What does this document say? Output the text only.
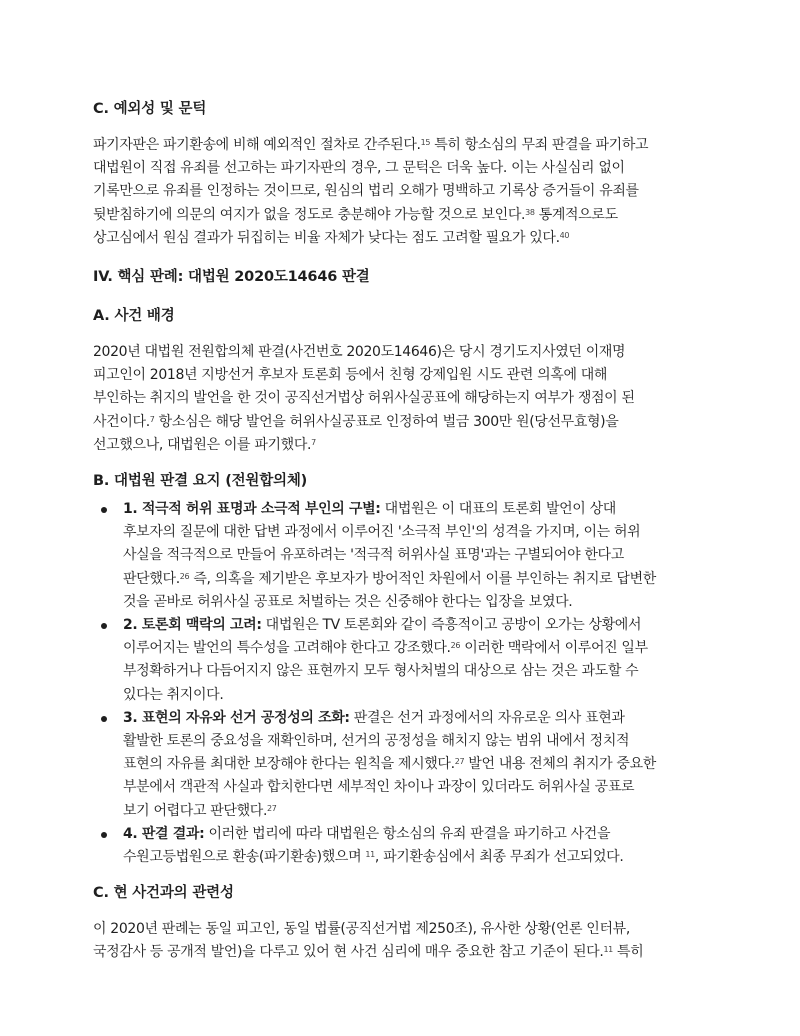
C. 예외성 및 문턱

파기자판은 파기환송에 비해 예외적인 절차로 간주된다.$^{15}$ 특히 항소심의 무죄 판결을 파기하고
대법원이 직접 유죄를 선고하는 파기자판의 경우, 그 문턱은 더욱 높다. 이는 사실심리 없이
기록만으로 유죄를 인정하는 것이므로, 원심의 법리 오해가 명백하고 기록상 증거들이 유죄를
뒷받침하기에 의문의 여지가 없을 정도로 충분해야 가능할 것으로 보인다.$^{38}$ 통계적으로도
상고심에서 원심 결과가 뒤집히는 비율 자체가 낮다는 점도 고려할 필요가 있다.$^{40}$

IV. 핵심 판례: 대법원 2020도14646 판결
A. 사건 배경

2020년 대법원 전원합의체 판결(사건번호 2020도14646)은 당시 경기도지사였던 이재명
피고인이 2018년 지방선거 후보자 토론회 등에서 친형 강제입원 시도 관련 의혹에 대해
부인하는 취지의 발언을 한 것이 공직선거법상 허위사실공표에 해당하는지 여부가 쟁점이 된
사건이다.$^7$ 항소심은 해당 발언을 허위사실공표로 인정하여 벌금 300만 원(당선무효형)을
선고했으나, 대법원은 이를 파기했다.$^7$

B. 대법원 판결 요지 (전원합의체)
1. 적극적 허위 표명과 소극적 부인의 구별: 대법원은 이 대표의 토론회 발언이 상대
후보자의 질문에 대한 답변 과정에서 이루어진 '소극적 부인'의 성격을 가지며, 이는 허위
사실을 적극적으로 만들어 유포하려는 '적극적 허위사실 표명'과는 구별되어야 한다고
판단했다.$^{26}$ 즉, 의혹을 제기받은 후보자가 방어적인 차원에서 이를 부인하는 취지로 답변한
것을 곧바로 허위사실 공표로 처벌하는 것은 신중해야 한다는 입장을 보였다.
2. 토론회 맥락의 고려: 대법원은 TV 토론회와 같이 즉흥적이고 공방이 오가는 상황에서
이루어지는 발언의 특수성을 고려해야 한다고 강조했다.$^{26}$ 이러한 맥락에서 이루어진 일부
부정확하거나 다듬어지지 않은 표현까지 모두 형사처벌의 대상으로 삼는 것은 과도할 수
있다는 취지이다.
3. 표현의 자유와 선거 공정성의 조화: 판결은 선거 과정에서의 자유로운 의사 표현과
활발한 토론의 중요성을 재확인하며, 선거의 공정성을 해치지 않는 범위 내에서 정치적
표현의 자유를 최대한 보장해야 한다는 원칙을 제시했다.$^{27}$ 발언 내용 전체의 취지가 중요한
부분에서 객관적 사실과 합치한다면 세부적인 차이나 과장이 있더라도 허위사실 공표로
보기 어렵다고 판단했다.$^{27}$
4. 판결 결과: 이러한 법리에 따라 대법원은 항소심의 유죄 판결을 파기하고 사건을
수원고등법원으로 환송(파기환송)했으며 $^{11}$, 파기환송심에서 최종 무죄가 선고되었다.
C. 현 사건과의 관련성

이 2020년 판례는 동일 피고인, 동일 법률(공직선거법 제250조), 유사한 상황(언론 인터뷰,
국정감사 등 공개적 발언)을 다루고 있어 현 사건 심리에 매우 중요한 참고 기준이 된다.$^{11}$ 특히
